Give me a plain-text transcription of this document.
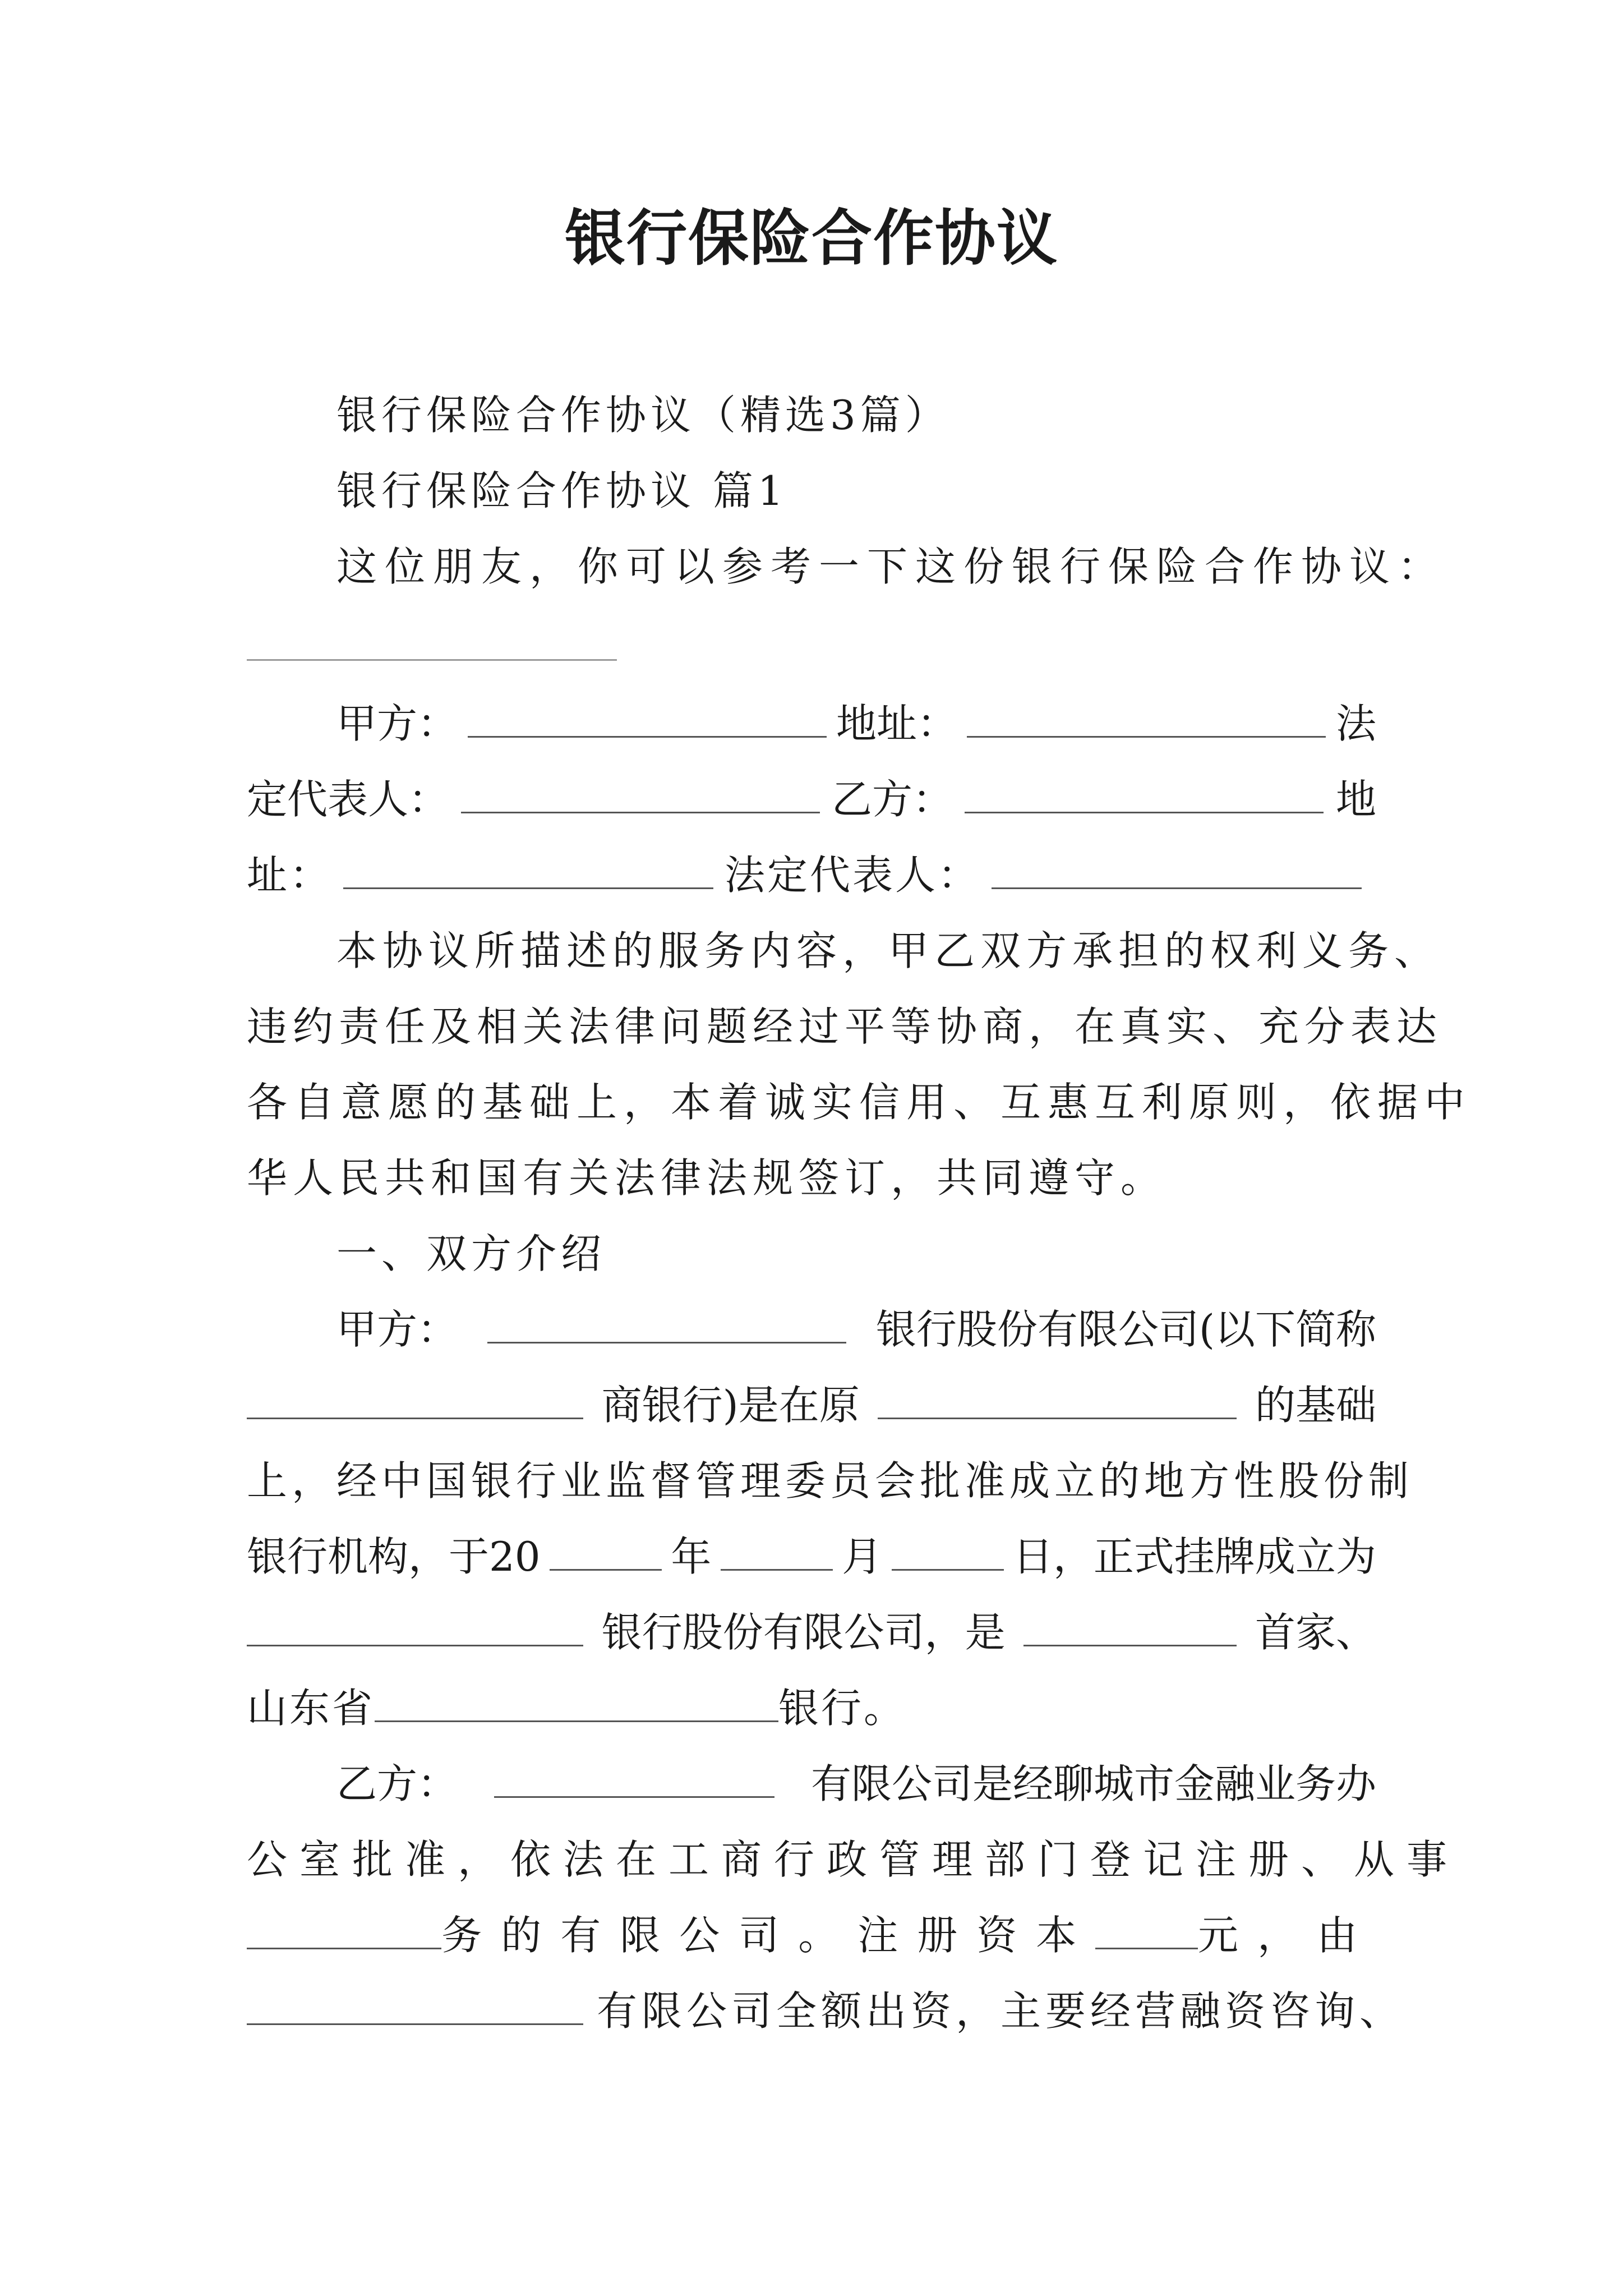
银行保险合作协议
银行保险合作协议（精选3篇）
银行保险合作协议 篇1
这位朋友，你可以参考一下这份银行保险合作协议：
甲方：	地址：	法
定代表人：	乙方：	地
址：	法定代表人：
本协议所描述的服务内容，甲乙双方承担的权利义务、
违约责任及相关法律问题经过平等协商，在真实、充分表达
各自意愿的基础上，本着诚实信用、互惠互利原则，依据中
华人民共和国有关法律法规签订，共同遵守。
一、双方介绍
甲方：	银行股份有限公司(以下简称
商银行)是在原	的基础
上，经中国银行业监督管理委员会批准成立的地方性股份制
银行机构，于20	年	月	日，正式挂牌成立为
银行股份有限公司，是	首家、
山东省	银行。
乙方：	有限公司是经聊城市金融业务办
公室批准，依法在工商行政管理部门登记注册、从事
务的有限公司。注册资本	元，由
有限公司全额出资，主要经营融资咨询、
